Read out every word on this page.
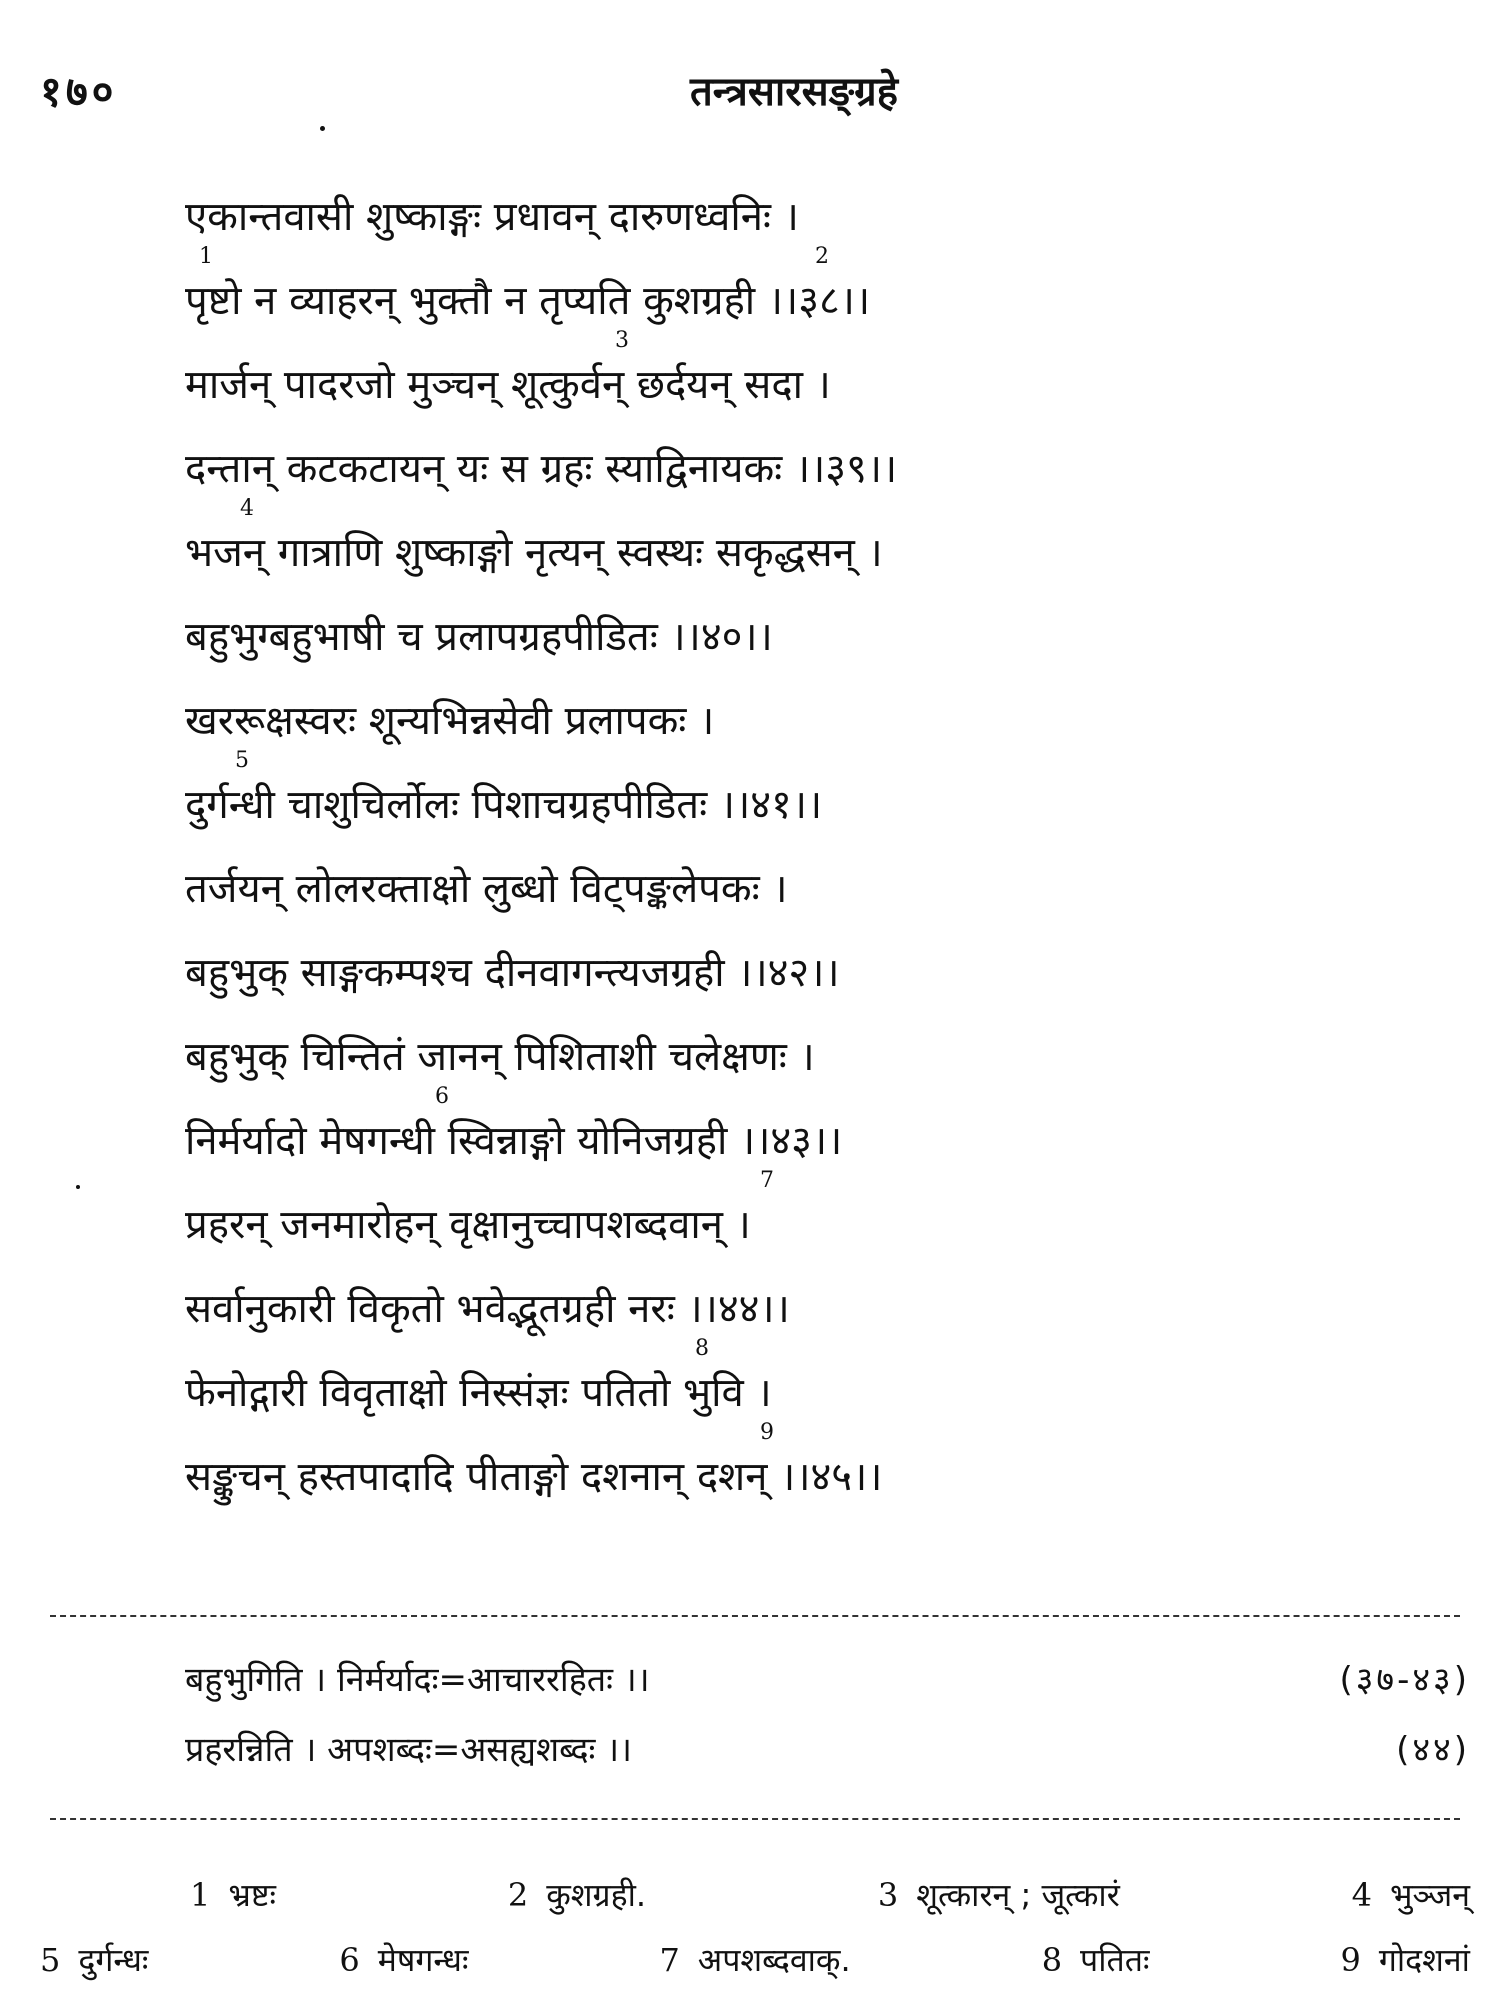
१७०	तन्त्रसारसङ्ग्रहे
एकान्तवासी शुष्काङ्गः प्रधावन् दारुणध्वनिः ।
1	2
पृष्टो न व्याहरन् भुक्तौ न तृप्यति कुशग्रही ।।३८।।
3
मार्जन् पादरजो मुञ्चन् शूत्कुर्वन् छर्दयन् सदा ।
दन्तान् कटकटायन् यः स ग्रहः स्याद्विनायकः ।।३९।।
4
भजन् गात्राणि शुष्काङ्गो नृत्यन् स्वस्थः सकृद्धसन् ।
बहुभुग्बहुभाषी च प्रलापग्रहपीडितः ।।४०।।
खररूक्षस्वरः शून्यभिन्नसेवी प्रलापकः ।
5
दुर्गन्धी चाशुचिर्लोलः पिशाचग्रहपीडितः ।।४१।।
तर्जयन् लोलरक्ताक्षो लुब्धो विट्पङ्कलेपकः ।
बहुभुक् साङ्गकम्पश्च दीनवागन्त्यजग्रही ।।४२।।
बहुभुक् चिन्तितं जानन् पिशिताशी चलेक्षणः ।
6
निर्मर्यादो मेषगन्धी स्विन्नाङ्गो योनिजग्रही ।।४३।।
7
प्रहरन् जनमारोहन् वृक्षानुच्चापशब्दवान् ।
सर्वानुकारी विकृतो भवेद्भूतग्रही नरः ।।४४।।
8
फेनोद्गारी विवृताक्षो निस्संज्ञः पतितो भुवि ।
9
सङ्कुचन् हस्तपादादि पीताङ्गो दशनान् दशन् ।।४५।।
बहुभुगिति । निर्मर्यादः=आचाररहितः ।।	(३७-४३)
प्रहरन्निति । अपशब्दः=असह्यशब्दः ।।	(४४)
1 भ्रष्टः	2 कुशग्रही.	3 शूत्कारन् ; जूत्कारं	4 भुञ्जन्
5 दुर्गन्धः	6 मेषगन्धः	7 अपशब्दवाक्.	8 पतितः	9 गोदशनां
